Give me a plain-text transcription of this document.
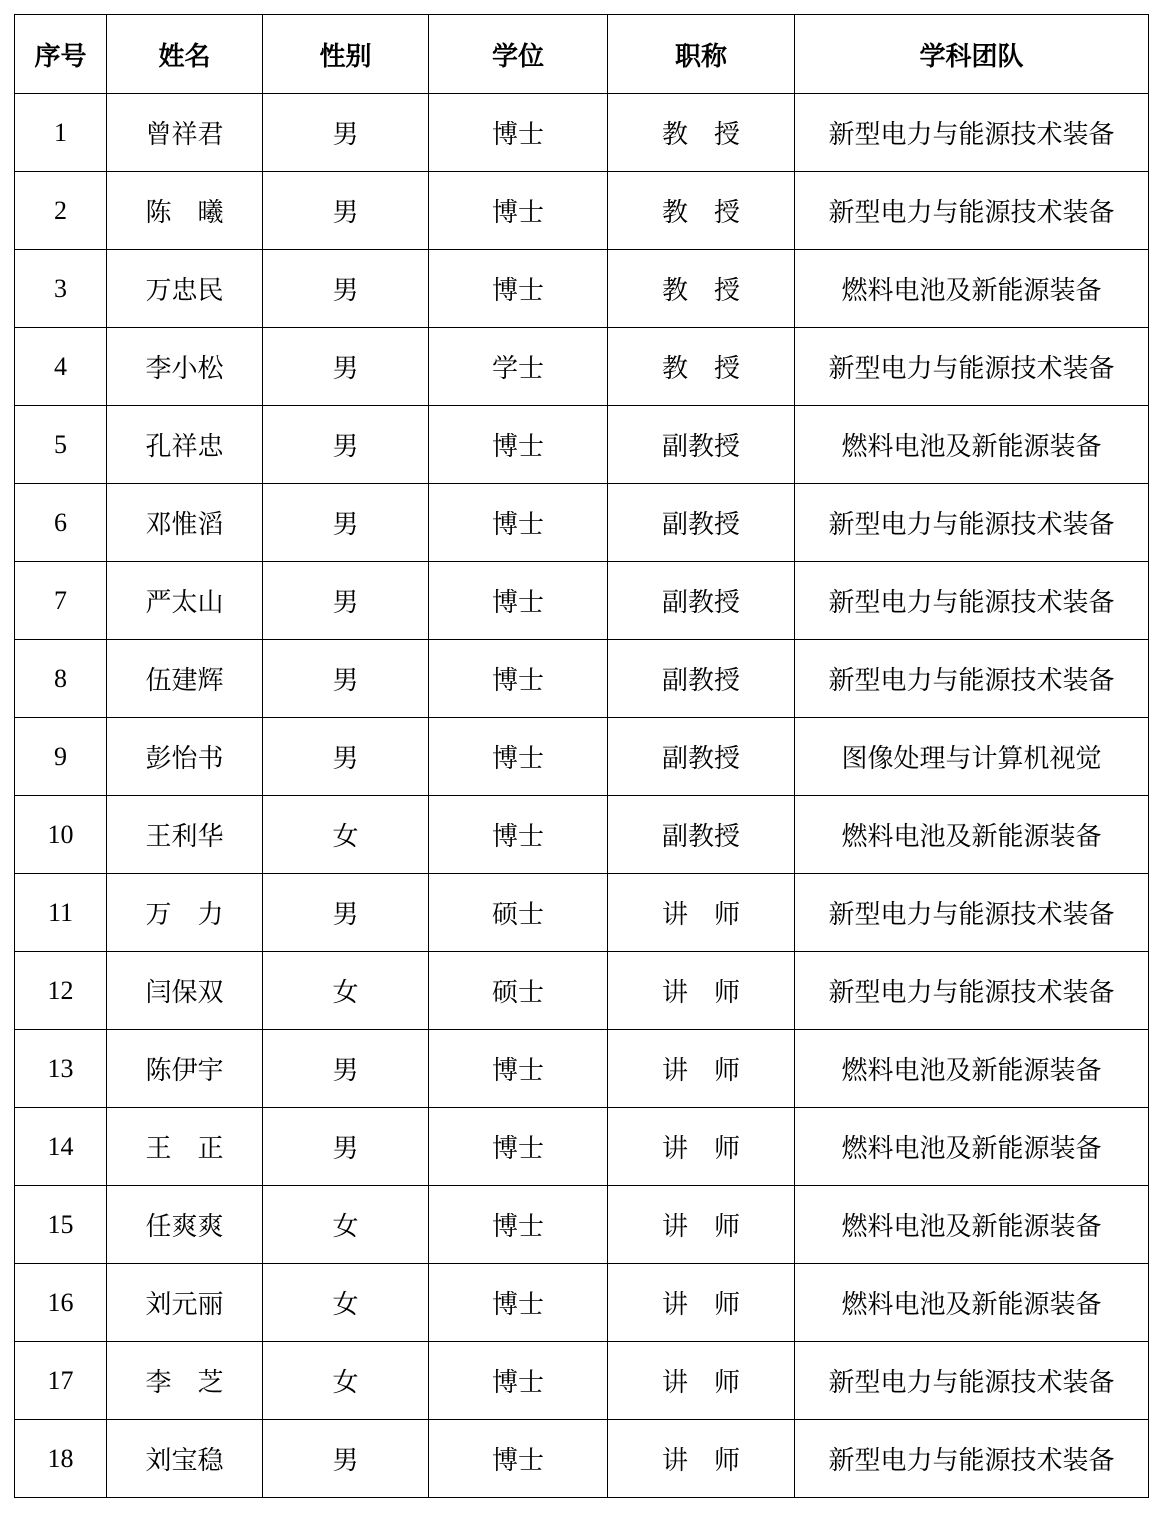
序号	姓名	性别	学位	职称	学科团队
1	曾祥君	男	博士	教　授	新型电力与能源技术装备
2	陈　曦	男	博士	教　授	新型电力与能源技术装备
3	万忠民	男	博士	教　授	燃料电池及新能源装备
4	李小松	男	学士	教　授	新型电力与能源技术装备
5	孔祥忠	男	博士	副教授	燃料电池及新能源装备
6	邓惟滔	男	博士	副教授	新型电力与能源技术装备
7	严太山	男	博士	副教授	新型电力与能源技术装备
8	伍建辉	男	博士	副教授	新型电力与能源技术装备
9	彭怡书	男	博士	副教授	图像处理与计算机视觉
10	王利华	女	博士	副教授	燃料电池及新能源装备
11	万　力	男	硕士	讲　师	新型电力与能源技术装备
12	闫保双	女	硕士	讲　师	新型电力与能源技术装备
13	陈伊宇	男	博士	讲　师	燃料电池及新能源装备
14	王　正	男	博士	讲　师	燃料电池及新能源装备
15	任爽爽	女	博士	讲　师	燃料电池及新能源装备
16	刘元丽	女	博士	讲　师	燃料电池及新能源装备
17	李　芝	女	博士	讲　师	新型电力与能源技术装备
18	刘宝稳	男	博士	讲　师	新型电力与能源技术装备
